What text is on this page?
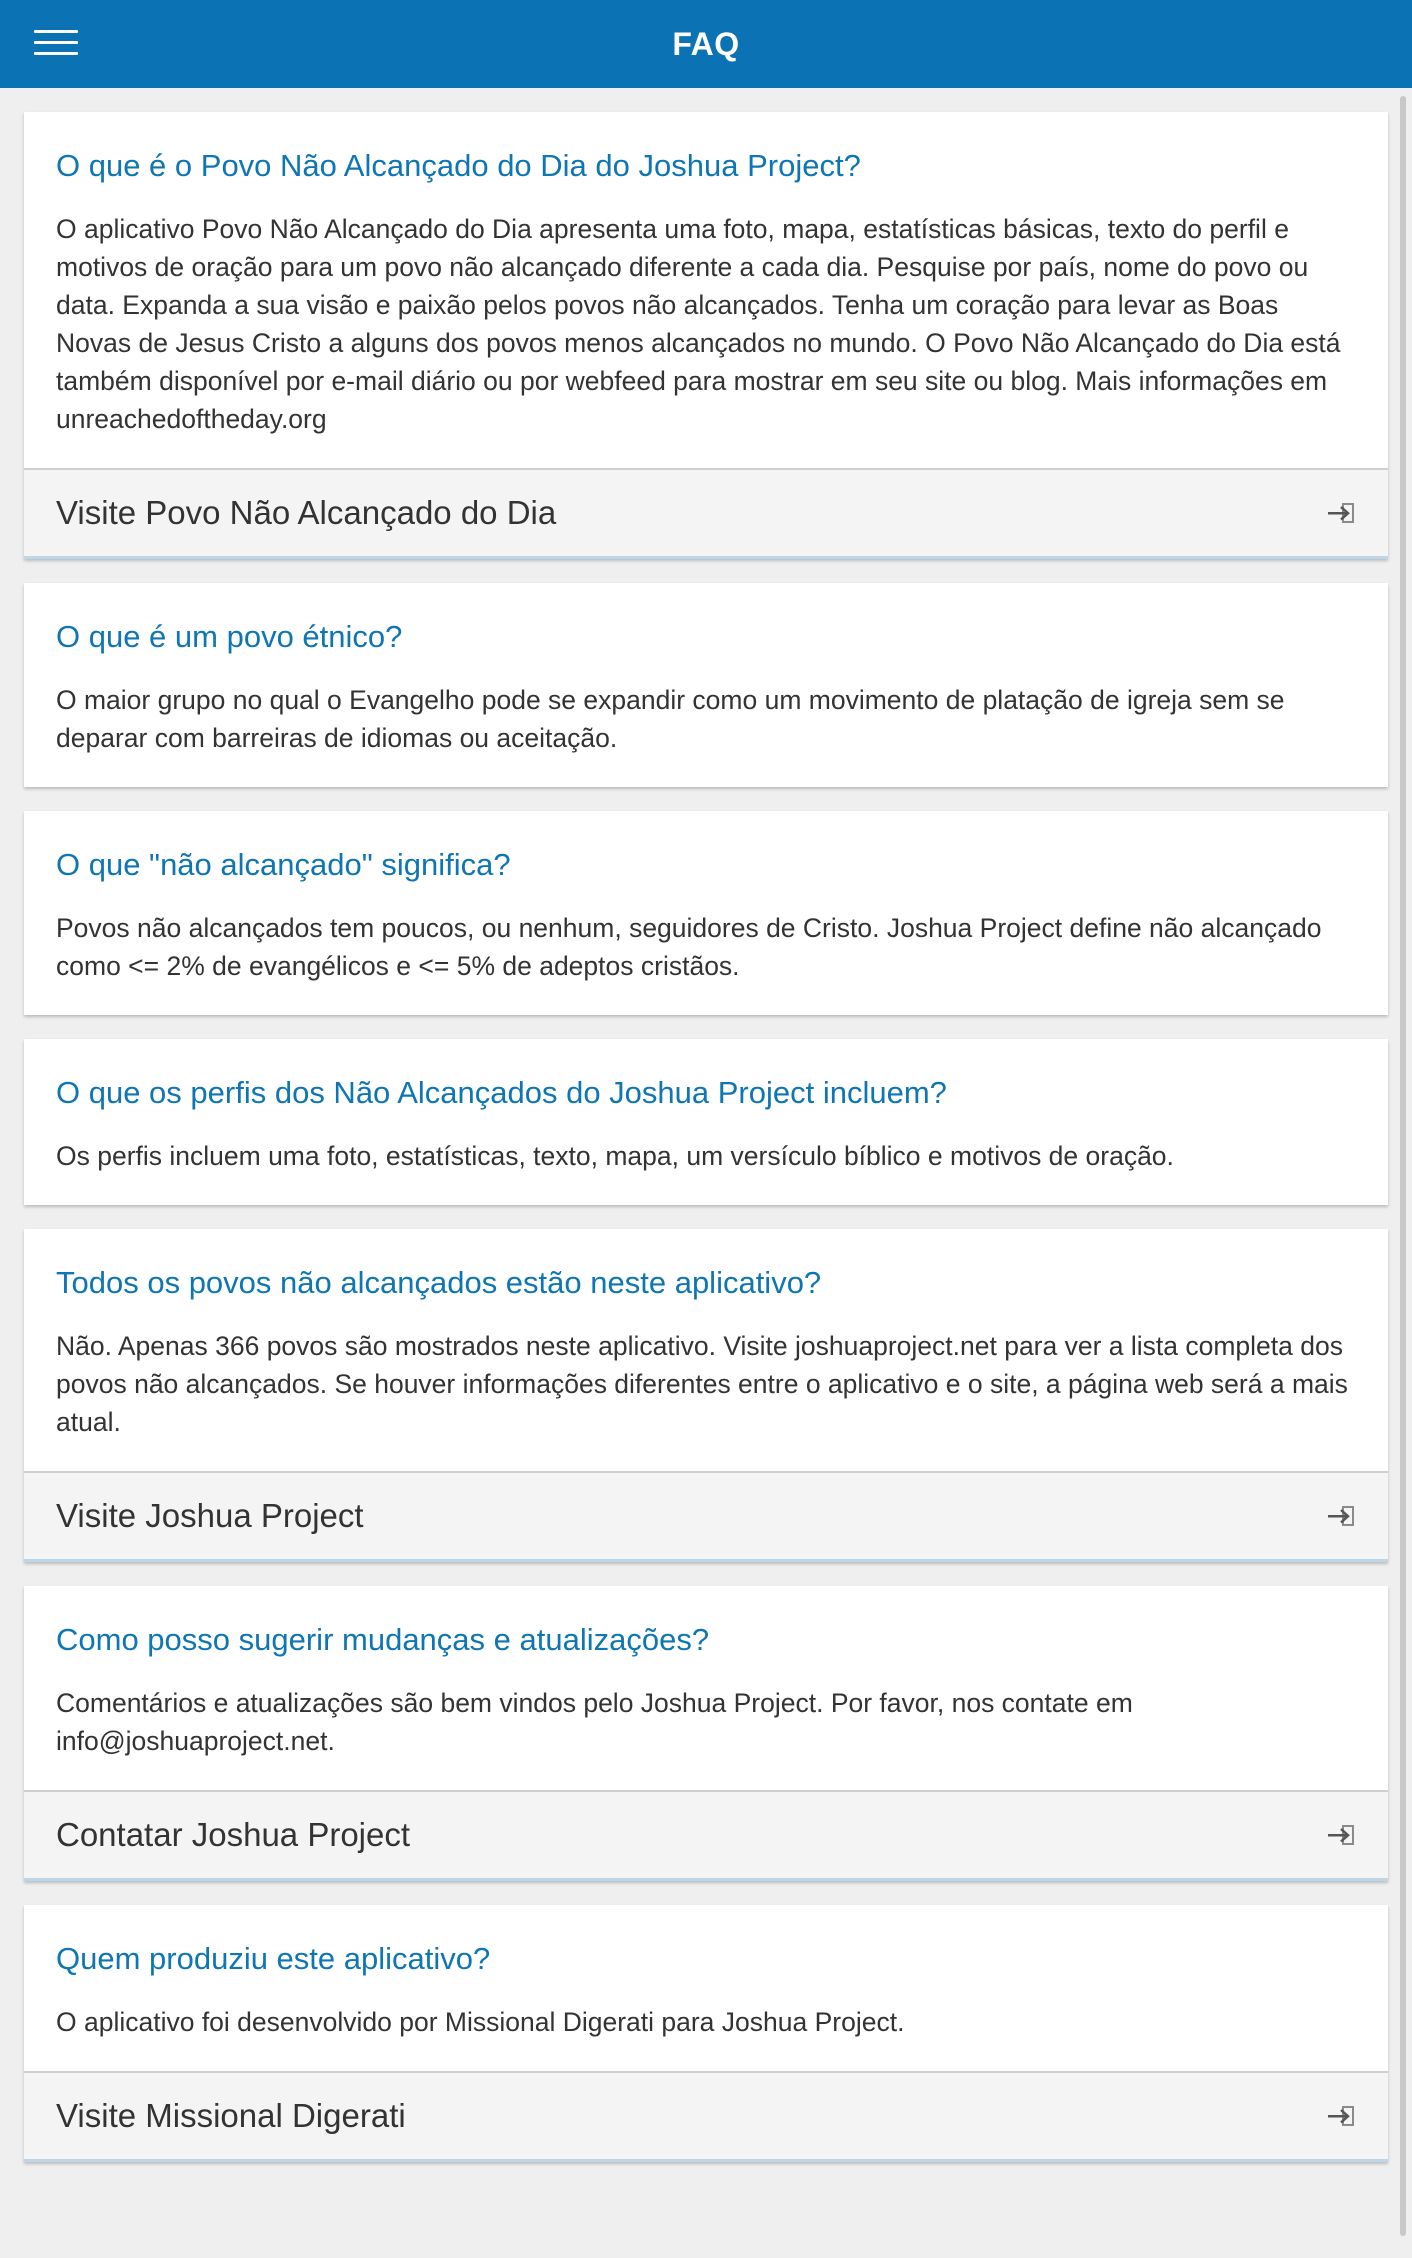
FAQ
O que é o Povo Não Alcançado do Dia do Joshua Project?

O aplicativo Povo Não Alcançado do Dia apresenta uma foto, mapa, estatísticas básicas, texto do perfil e motivos de oração para um povo não alcançado diferente a cada dia. Pesquise por país, nome do povo ou data. Expanda a sua visão e paixão pelos povos não alcançados. Tenha um coração para levar as Boas Novas de Jesus Cristo a alguns dos povos menos alcançados no mundo. O Povo Não Alcançado do Dia está também disponível por e-mail diário ou por webfeed para mostrar em seu site ou blog. Mais informações em unreachedoftheday.org

Visite Povo Não Alcançado do Dia
O que é um povo étnico?

O maior grupo no qual o Evangelho pode se expandir como um movimento de platação de igreja sem se deparar com barreiras de idiomas ou aceitação.

O que "não alcançado" significa?

Povos não alcançados tem poucos, ou nenhum, seguidores de Cristo. Joshua Project define não alcançado como <= 2% de evangélicos e <= 5% de adeptos cristãos.

O que os perfis dos Não Alcançados do Joshua Project incluem?

Os perfis incluem uma foto, estatísticas, texto, mapa, um versículo bíblico e motivos de oração.

Todos os povos não alcançados estão neste aplicativo?

Não. Apenas 366 povos são mostrados neste aplicativo. Visite joshuaproject.net para ver a lista completa dos povos não alcançados. Se houver informações diferentes entre o aplicativo e o site, a página web será a mais atual.

Visite Joshua Project
Como posso sugerir mudanças e atualizações?

Comentários e atualizações são bem vindos pelo Joshua Project. Por favor, nos contate em info@joshuaproject.net.

Contatar Joshua Project
Quem produziu este aplicativo?

O aplicativo foi desenvolvido por Missional Digerati para Joshua Project.

Visite Missional Digerati
